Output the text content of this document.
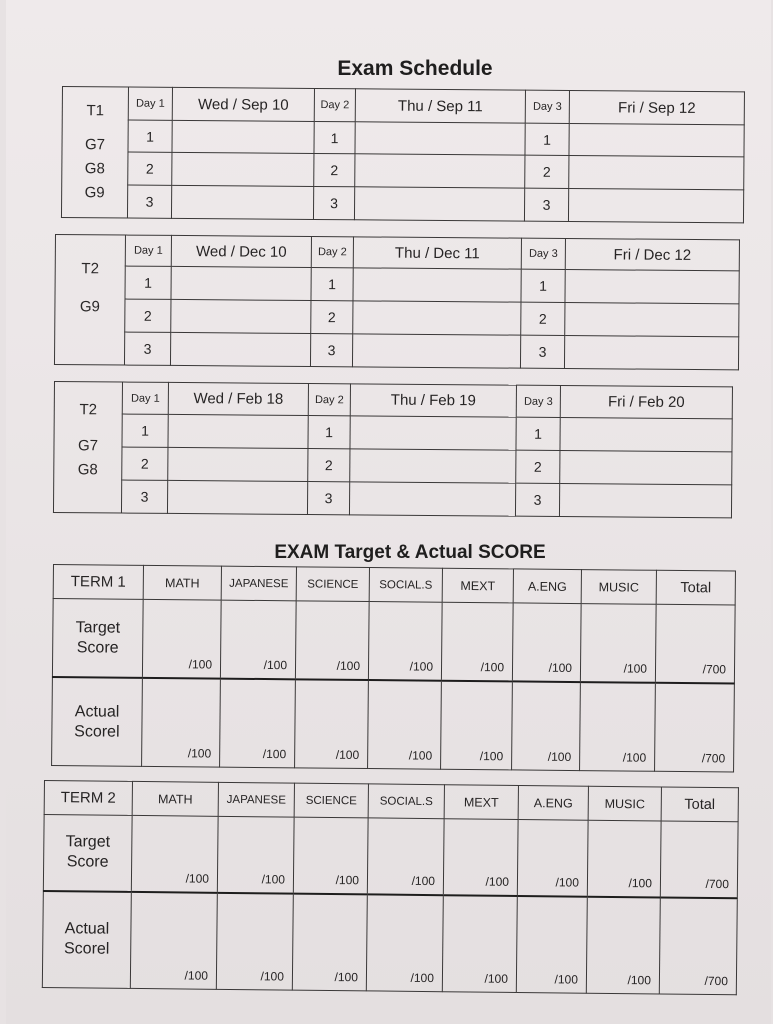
Exam Schedule
EXAM Target & Actual SCORE
T1
G7
G8
G9	Day 1	Wed / Sep 10	Day 2	Thu / Sep 11	Day 3	Fri / Sep 12
	1		1		1	
	2		2		2	
	3		3		3	
T2
G9	Day 1	Wed / Dec 10	Day 2	Thu / Dec 11	Day 3	Fri / Dec 12
	1		1		1	
	2		2		2	
	3		3		3	
T2
G7
G8	Day 1	Wed / Feb 18	Day 2	Thu / Feb 19	Day 3	Fri / Feb 20
	1		1		1	
	2		2		2	
	3		3		3	
TERM 1	MATH	JAPANESE	SCIENCE	SOCIAL.S	MEXT	A.ENG	MUSIC	Total

Target
Score	/100	/100	/100	/100	/100	/100	/100	/700

Actual
Scorel	/100	/100	/100	/100	/100	/100	/100	/700
TERM 2	MATH	JAPANESE	SCIENCE	SOCIAL.S	MEXT	A.ENG	MUSIC	Total

Target
Score	/100	/100	/100	/100	/100	/100	/100	/700

Actual
Scorel	/100	/100	/100	/100	/100	/100	/100	/700
